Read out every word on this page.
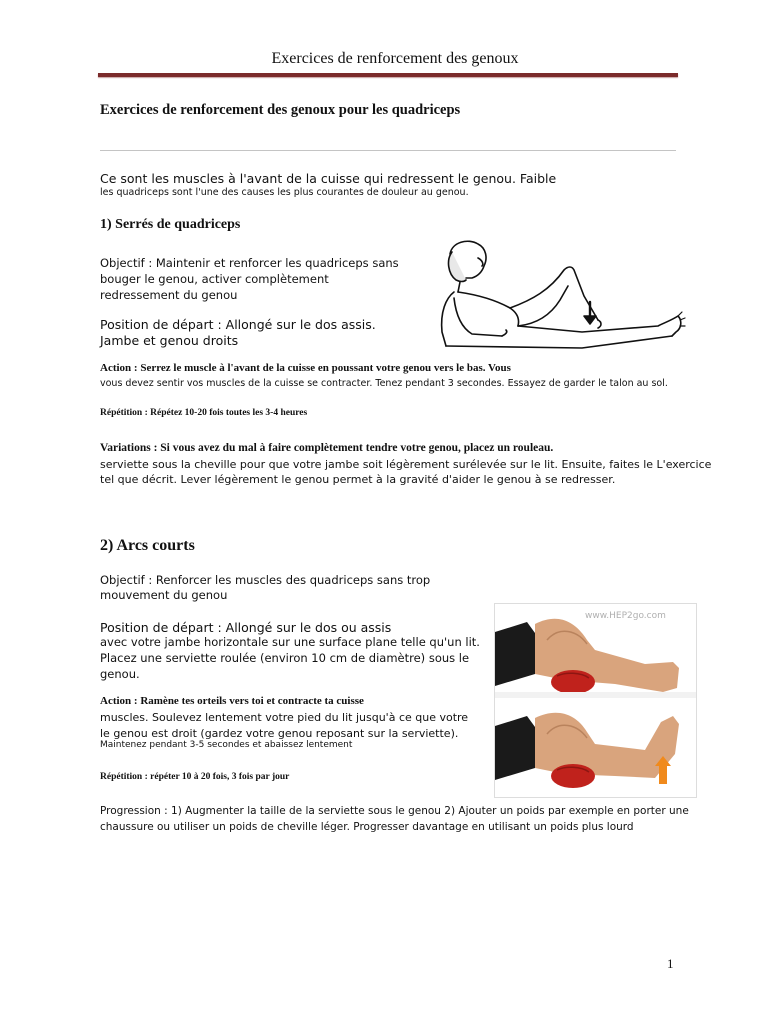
Exercices de renforcement des genoux
Exercices de renforcement des genoux pour les quadriceps
Ce sont les muscles à l'avant de la cuisse qui redressent le genou. Faible
les quadriceps sont l'une des causes les plus courantes de douleur au genou.
1) Serrés de quadriceps
Objectif : Maintenir et renforcer les quadriceps sans bouger le genou, activer complètement redressement du genou
Position de départ : Allongé sur le dos assis. Jambe et genou droits
Action : Serrez le muscle à l'avant de la cuisse en poussant votre genou vers le bas. Vous
vous devez sentir vos muscles de la cuisse se contracter. Tenez pendant 3 secondes. Essayez de garder le talon au sol.
Répétition : Répétez 10-20 fois toutes les 3-4 heures
Variations : Si vous avez du mal à faire complètement tendre votre genou, placez un rouleau.
serviette sous la cheville pour que votre jambe soit légèrement surélevée sur le lit. Ensuite, faites le L'exercice tel que décrit. Lever légèrement le genou permet à la gravité d'aider le genou à se redresser.
2) Arcs courts
Objectif : Renforcer les muscles des quadriceps sans trop mouvement du genou
Position de départ : Allongé sur le dos ou assis
avec votre jambe horizontale sur une surface plane telle qu'un lit. Placez une serviette roulée (environ 10 cm de diamètre) sous le genou.
Action : Ramène tes orteils vers toi et contracte ta cuisse
muscles. Soulevez lentement votre pied du lit jusqu'à ce que votre le genou est droit (gardez votre genou reposant sur la serviette).
Maintenez pendant 3-5 secondes et abaissez lentement
Répétition : répéter 10 à 20 fois, 3 fois par jour
Progression : 1) Augmenter la taille de la serviette sous le genou 2) Ajouter un poids par exemple en porter une chaussure ou utiliser un poids de cheville léger. Progresser davantage en utilisant un poids plus lourd
www.HEP2go.com
1
